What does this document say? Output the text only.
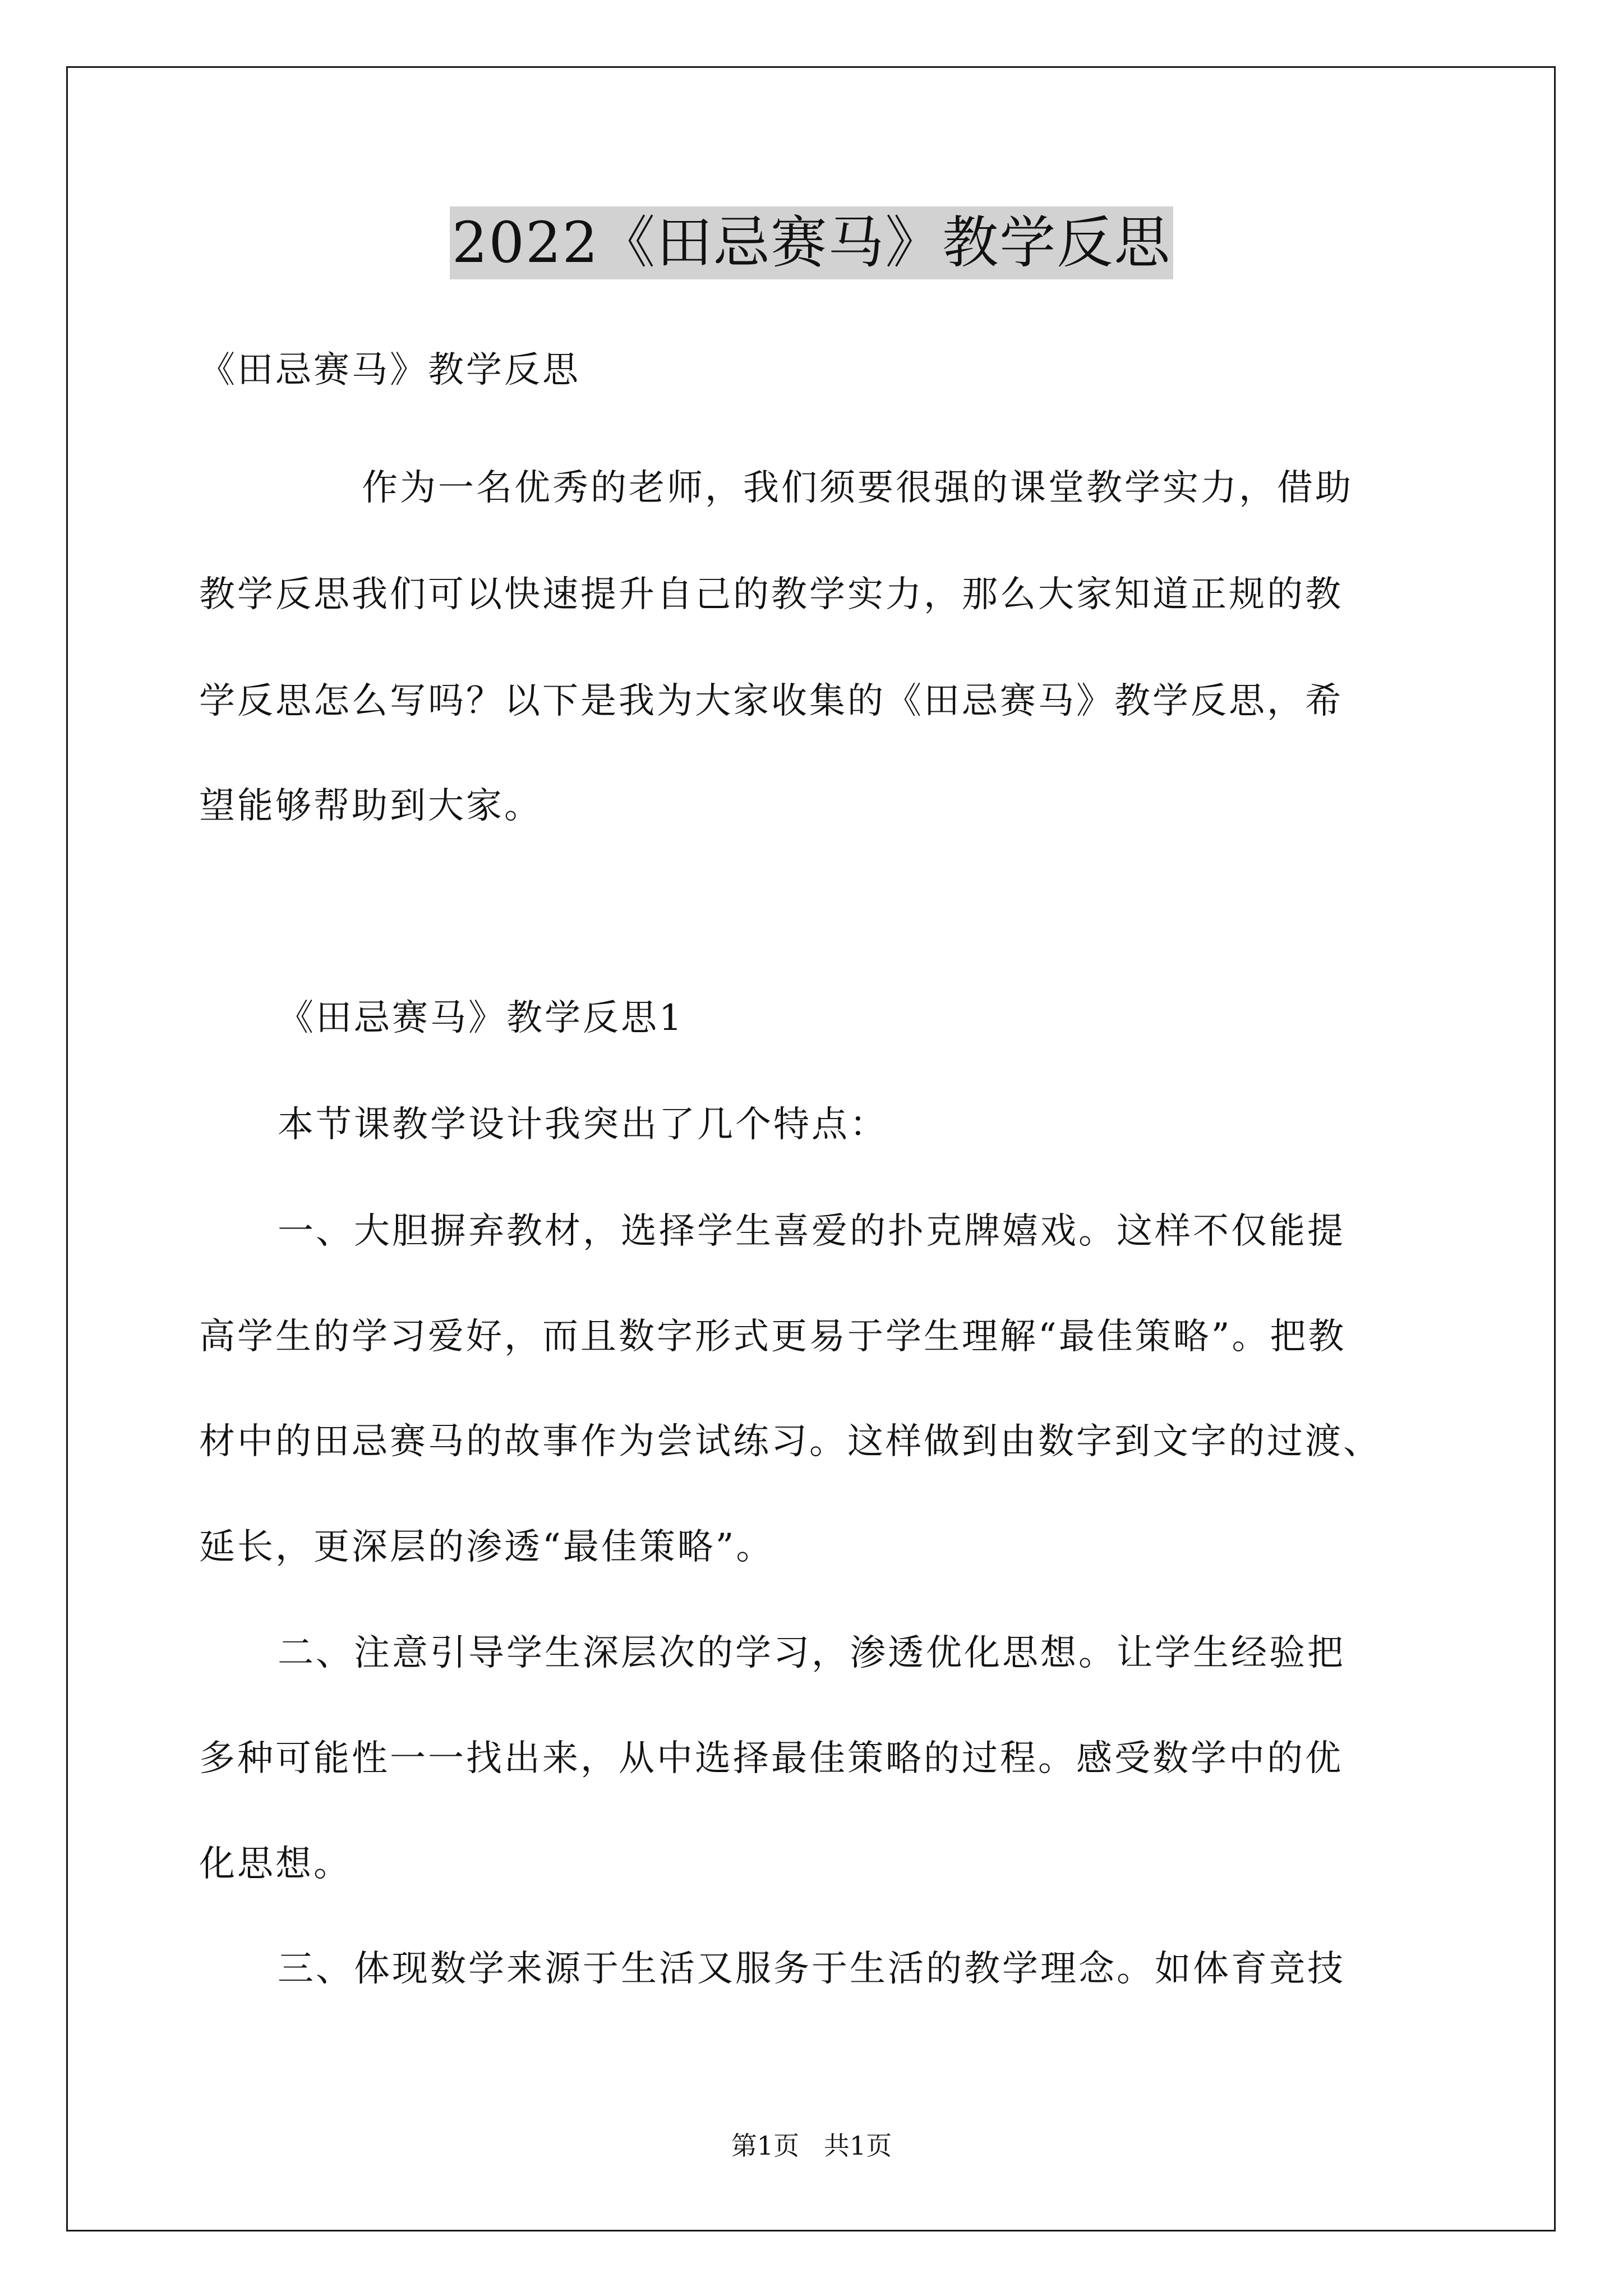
2022《田忌赛马》教学反思
《田忌赛马》教学反思
作为一名优秀的老师，我们须要很强的课堂教学实力，借助
教学反思我们可以快速提升自己的教学实力，那么大家知道正规的教
学反思怎么写吗？以下是我为大家收集的《田忌赛马》教学反思，希
望能够帮助到大家。
《田忌赛马》教学反思1
本节课教学设计我突出了几个特点：
一、大胆摒弃教材，选择学生喜爱的扑克牌嬉戏。这样不仅能提
高学生的学习爱好，而且数字形式更易于学生理解“最佳策略”。把教
材中的田忌赛马的故事作为尝试练习。这样做到由数字到文字的过渡、
延长，更深层的渗透“最佳策略”。
二、注意引导学生深层次的学习，渗透优化思想。让学生经验把
多种可能性一一找出来，从中选择最佳策略的过程。感受数学中的优
化思想。
三、体现数学来源于生活又服务于生活的教学理念。如体育竞技
第1页   共1页
